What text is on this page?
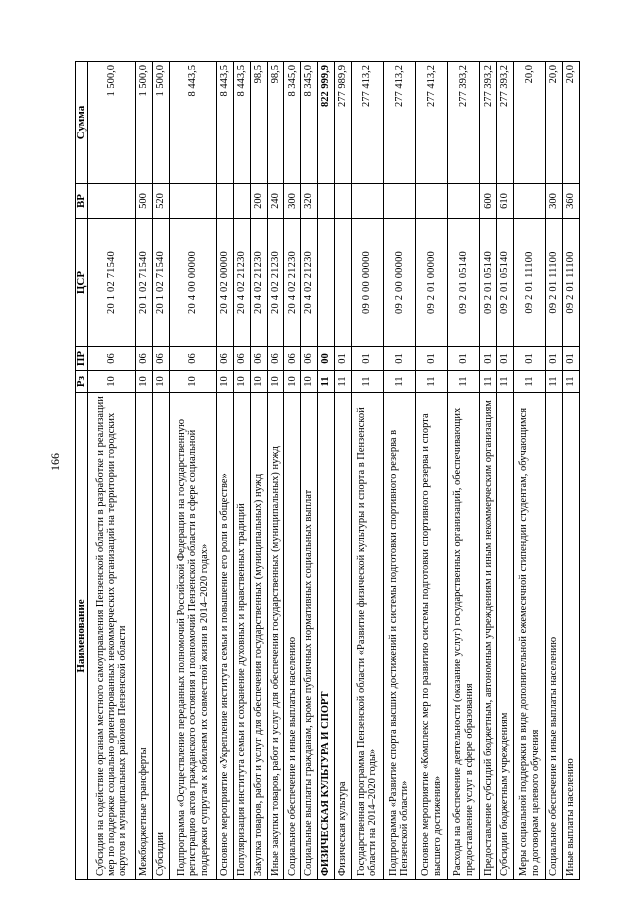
166
Наименование	Рз	ПР	ЦСР	ВР	Сумма
Субсидия на содействие органам местного самоуправления Пензенской области в разработке и реализации мер по поддержке социально ориентированных некоммерческих организаций на территории городских округов и муниципальных районов Пензенской области	10	06	20 1 02 71540		1 500,0
Межбюджетные трансферты	10	06	20 1 02 71540	500	1 500,0
Субсидии	10	06	20 1 02 71540	520	1 500,0
Подпрограмма «Осуществление переданных полномочий Российской Федерации на государственную регистрацию актов гражданского состояния и полномочий Пензенской области в сфере социальной поддержки супругам к юбилеям их совместной жизни в 2014–2020 годах»	10	06	20 4 00 00000		8 443,5
Основное мероприятие «Укрепление института семьи и повышение его роли в обществе»	10	06	20 4 02 00000		8 443,5
Популяризация института семьи и сохранение духовных и нравственных традиций	10	06	20 4 02 21230		8 443,5
Закупка товаров, работ и услуг для обеспечения государственных (муниципальных) нужд	10	06	20 4 02 21230	200	98,5
Иные закупки товаров, работ и услуг для обеспечения государственных (муниципальных) нужд	10	06	20 4 02 21230	240	98,5
Социальное обеспечение и иные выплаты населению	10	06	20 4 02 21230	300	8 345,0
Социальные выплаты гражданам, кроме публичных нормативных социальных выплат	10	06	20 4 02 21230	320	8 345,0
ФИЗИЧЕСКАЯ КУЛЬТУРА И СПОРТ	11	00			822 999,9
Физическая культура	11	01			277 989,9
Государственная программа Пензенской области «Развитие физической культуры и спорта в Пензенской области на 2014–2020 годы»	11	01	09 0 00 00000		277 413,2
Подпрограмма «Развитие спорта высших достижений и системы подготовки спортивного резерва в Пензенской области»	11	01	09 2 00 00000		277 413,2
Основное мероприятие «Комплекс мер по развитию системы подготовки спортивного резерва и спорта высшего достижения»	11	01	09 2 01 00000		277 413,2
Расходы на обеспечение деятельности (оказание услуг) государственных организаций, обеспечивающих предоставление услуг в сфере образования	11	01	09 2 01 05140		277 393,2
Предоставление субсидий бюджетным, автономным учреждениям и иным некоммерческим организациям	11	01	09 2 01 05140	600	277 393,2
Субсидии бюджетным учреждениям	11	01	09 2 01 05140	610	277 393,2
Меры социальной поддержки в виде дополнительной ежемесячной стипендии студентам, обучающимся по договорам целевого обучения	11	01	09 2 01 11100		20,0
Социальное обеспечение и иные выплаты населению	11	01	09 2 01 11100	300	20,0
Иные выплаты населению	11	01	09 2 01 11100	360	20,0
